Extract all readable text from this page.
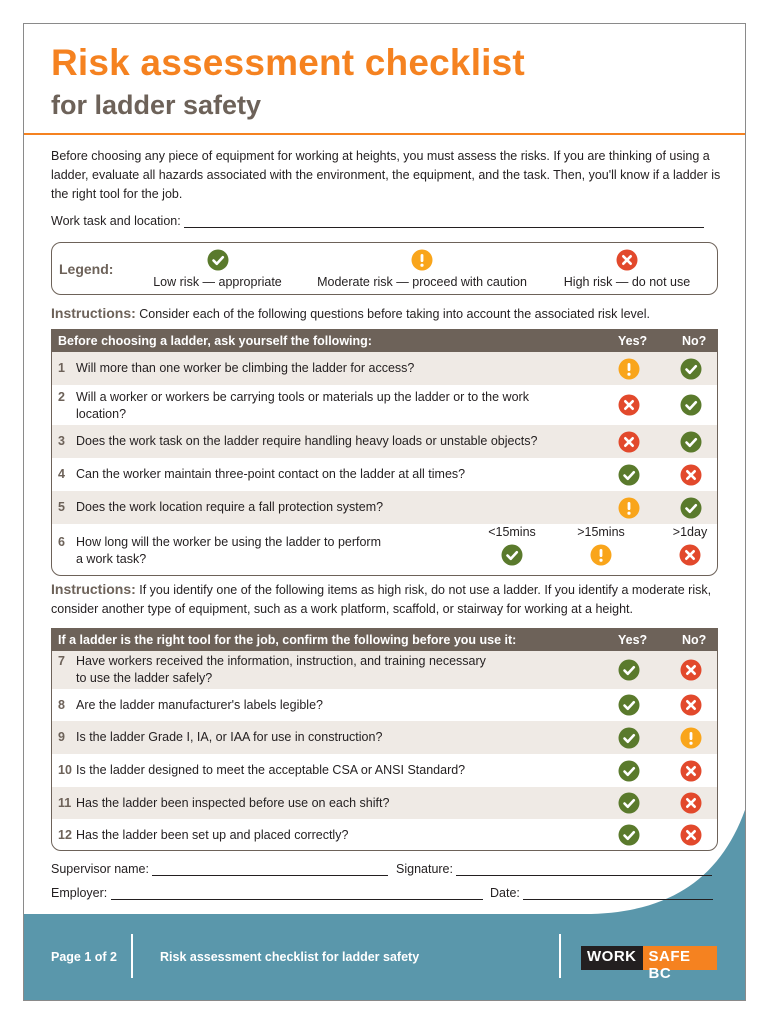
Risk assessment checklist
for ladder safety
Before choosing any piece of equipment for working at heights, you must assess the risks. If you are thinking of using a ladder, evaluate all hazards associated with the environment, the equipment, and the task. Then, you'll know if a ladder is the right tool for the job.
Work task and location:
Legend:
Low risk — appropriate	Moderate risk — proceed with caution	High risk — do not use
Instructions: Consider each of the following questions before taking into account the associated risk level.
Before choosing a ladder, ask yourself the following:	Yes?	No?
1 Will more than one worker be climbing the ladder for access?
2 Will a worker or workers be carrying tools or materials up the ladder or to the work location?
3 Does the work task on the ladder require handling heavy loads or unstable objects?
4 Can the worker maintain three-point contact on the ladder at all times?
5 Does the work location require a fall protection system?
6 How long will the worker be using the ladder to perform
a work task?
<15mins	>15mins	>1day
Instructions: If you identify one of the following items as high risk, do not use a ladder. If you identify a moderate risk, consider another type of equipment, such as a work platform, scaffold, or stairway for working at a height.
If a ladder is the right tool for the job, confirm the following before you use it:	Yes?	No?
7 Have workers received the information, instruction, and training necessary
to use the ladder safely?
8 Are the ladder manufacturer's labels legible?
9 Is the ladder Grade I, IA, or IAA for use in construction?
10 Is the ladder designed to meet the acceptable CSA or ANSI Standard?
11 Has the ladder been inspected before use on each shift?
12 Has the ladder been set up and placed correctly?
Supervisor name:	Signature:
Employer:	Date:
Page 1 of 2	Risk assessment checklist for ladder safety	WORK SAFE BC
